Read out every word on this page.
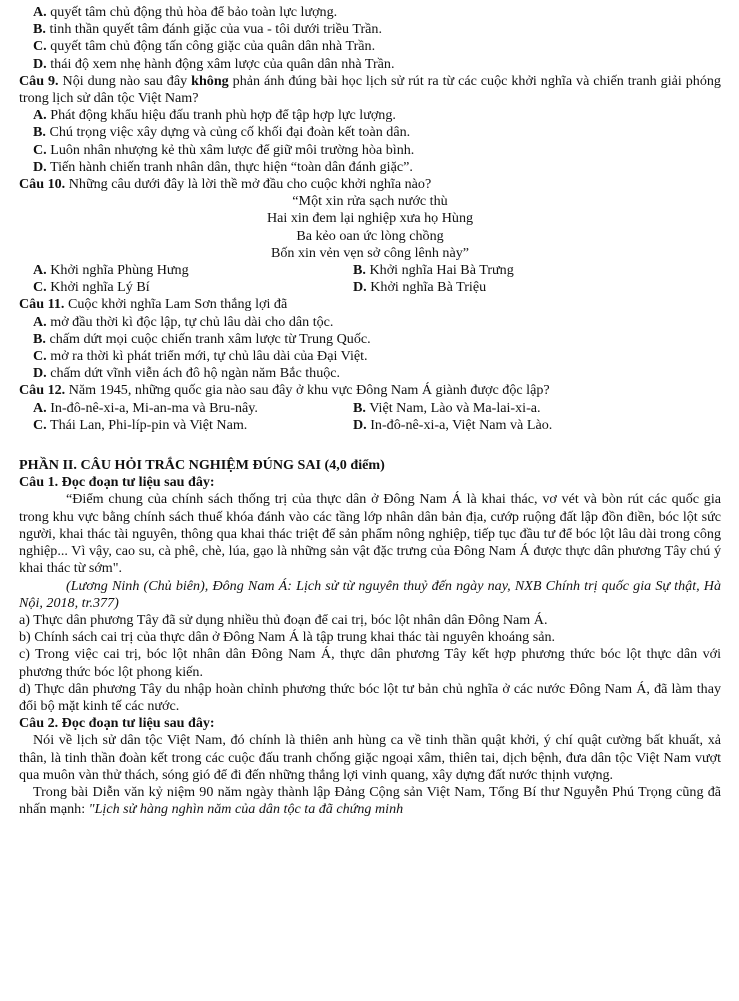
A. quyết tâm chủ động thủ hòa để bảo toàn lực lượng.

B. tinh thần quyết tâm đánh giặc của vua - tôi dưới triều Trần.

C. quyết tâm chủ động tấn công giặc của quân dân nhà Trần.

D. thái độ xem nhẹ hành động xâm lược của quân dân nhà Trần.

Câu 9. Nội dung nào sau đây không phản ánh đúng bài học lịch sử rút ra từ các cuộc khởi nghĩa và chiến tranh giải phóng trong lịch sử dân tộc Việt Nam?

A. Phát động khẩu hiệu đấu tranh phù hợp để tập hợp lực lượng.

B. Chú trọng việc xây dựng và củng cố khối đại đoàn kết toàn dân.

C. Luôn nhân nhượng kẻ thù xâm lược để giữ môi trường hòa bình.

D. Tiến hành chiến tranh nhân dân, thực hiện “toàn dân đánh giặc”.

Câu 10. Những câu dưới đây là lời thề mở đầu cho cuộc khởi nghĩa nào?

“Một xin rửa sạch nước thù

Hai xin đem lại nghiệp xưa họ Hùng

Ba kẻo oan ức lòng chồng

Bốn xin vẻn vẹn sở công lênh này”

A. Khởi nghĩa Phùng Hưng	B. Khởi nghĩa Hai Bà Trưng
C. Khởi nghĩa Lý Bí	D. Khởi nghĩa Bà Triệu

Câu 11. Cuộc khởi nghĩa Lam Sơn thắng lợi đã

A. mở đầu thời kì độc lập, tự chủ lâu dài cho dân tộc.

B. chấm dứt mọi cuộc chiến tranh xâm lược từ Trung Quốc.

C. mở ra thời kì phát triển mới, tự chủ lâu dài của Đại Việt.

D. chấm dứt vĩnh viễn ách đô hộ ngàn năm Bắc thuộc.

Câu 12. Năm 1945, những quốc gia nào sau đây ở khu vực Đông Nam Á giành được độc lập?

A. In-đô-nê-xi-a, Mi-an-ma và Bru-nây.	B. Việt Nam, Lào và Ma-lai-xi-a.
C. Thái Lan, Phi-líp-pin và Việt Nam.	D. In-đô-nê-xi-a, Việt Nam và Lào.

PHẦN II. CÂU HỎI TRẮC NGHIỆM ĐÚNG SAI (4,0 điểm)

Câu 1. Đọc đoạn tư liệu sau đây:

“Điểm chung của chính sách thống trị của thực dân ở Đông Nam Á là khai thác, vơ vét và bòn rút các quốc gia trong khu vực bằng chính sách thuế khóa đánh vào các tầng lớp nhân dân bản địa, cướp ruộng đất lập đồn điền, bóc lột sức người, khai thác tài nguyên, thông qua khai thác triệt để sản phẩm nông nghiệp, tiếp tục đầu tư để bóc lột lâu dài trong công nghiệp... Vì vậy, cao su, cà phê, chè, lúa, gạo là những sản vật đặc trưng của Đông Nam Á được thực dân phương Tây chú ý khai thác từ sớm".

(Lương Ninh (Chủ biên), Đông Nam Á: Lịch sử từ nguyên thuỷ đến ngày nay, NXB Chính trị quốc gia Sự thật, Hà Nội, 2018, tr.377)

a) Thực dân phương Tây đã sử dụng nhiều thủ đoạn để cai trị, bóc lột nhân dân Đông Nam Á.

b) Chính sách cai trị của thực dân ở Đông Nam Á là tập trung khai thác tài nguyên khoáng sản.

c) Trong việc cai trị, bóc lột nhân dân Đông Nam Á, thực dân phương Tây kết hợp phương thức bóc lột thực dân với phương thức bóc lột phong kiến.

d) Thực dân phương Tây du nhập hoàn chỉnh phương thức bóc lột tư bản chủ nghĩa ở các nước Đông Nam Á, đã làm thay đổi bộ mặt kinh tế các nước.

Câu 2. Đọc đoạn tư liệu sau đây:

Nói về lịch sử dân tộc Việt Nam, đó chính là thiên anh hùng ca về tinh thần quật khởi, ý chí quật cường bất khuất, xả thân, là tinh thần đoàn kết trong các cuộc đấu tranh chống giặc ngoại xâm, thiên tai, dịch bệnh, đưa dân tộc Việt Nam vượt qua muôn vàn thử thách, sóng gió để đi đến những thắng lợi vinh quang, xây dựng đất nước thịnh vượng.

Trong bài Diễn văn kỷ niệm 90 năm ngày thành lập Đảng Cộng sản Việt Nam, Tổng Bí thư Nguyễn Phú Trọng cũng đã nhấn mạnh: "Lịch sử hàng nghìn năm của dân tộc ta đã chứng minh
